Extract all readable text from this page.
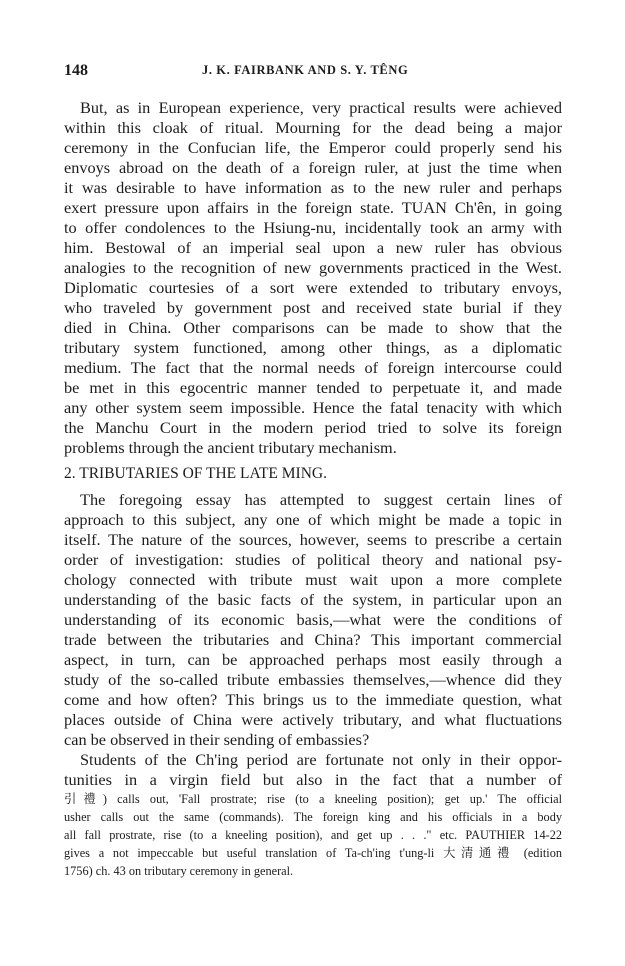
148	J. K. FAIRBANK AND S. Y. TÊNG
But, as in European experience, very practical results were achieved
within this cloak of ritual. Mourning for the dead being a major
ceremony in the Confucian life, the Emperor could properly send his
envoys abroad on the death of a foreign ruler, at just the time when
it was desirable to have information as to the new ruler and perhaps
exert pressure upon affairs in the foreign state. TUAN Ch'ên, in going
to offer condolences to the Hsiung-nu, incidentally took an army with
him. Bestowal of an imperial seal upon a new ruler has obvious
analogies to the recognition of new governments practiced in the West.
Diplomatic courtesies of a sort were extended to tributary envoys,
who traveled by government post and received state burial if they
died in China. Other comparisons can be made to show that the
tributary system functioned, among other things, as a diplomatic
medium. The fact that the normal needs of foreign intercourse could
be met in this egocentric manner tended to perpetuate it, and made
any other system seem impossible. Hence the fatal tenacity with which
the Manchu Court in the modern period tried to solve its foreign
problems through the ancient tributary mechanism.
2. TRIBUTARIES OF THE LATE MING.
The foregoing essay has attempted to suggest certain lines of
approach to this subject, any one of which might be made a topic in
itself. The nature of the sources, however, seems to prescribe a certain
order of investigation: studies of political theory and national psy-
chology connected with tribute must wait upon a more complete
understanding of the basic facts of the system, in particular upon an
understanding of its economic basis,—what were the conditions of
trade between the tributaries and China? This important commercial
aspect, in turn, can be approached perhaps most easily through a
study of the so-called tribute embassies themselves,—whence did they
come and how often? This brings us to the immediate question, what
places outside of China were actively tributary, and what fluctuations
can be observed in their sending of embassies?
Students of the Ch'ing period are fortunate not only in their oppor-
tunities in a virgin field but also in the fact that a number of
引禮) calls out, 'Fall prostrate; rise (to a kneeling position); get up.' The official
usher calls out the same (commands). The foreign king and his officials in a body
all fall prostrate, rise (to a kneeling position), and get up . . ." etc. PAUTHIER 14-22
gives a not impeccable but useful translation of Ta-ch'ing t'ung-li 大清通禮 (edition
1756) ch. 43 on tributary ceremony in general.
